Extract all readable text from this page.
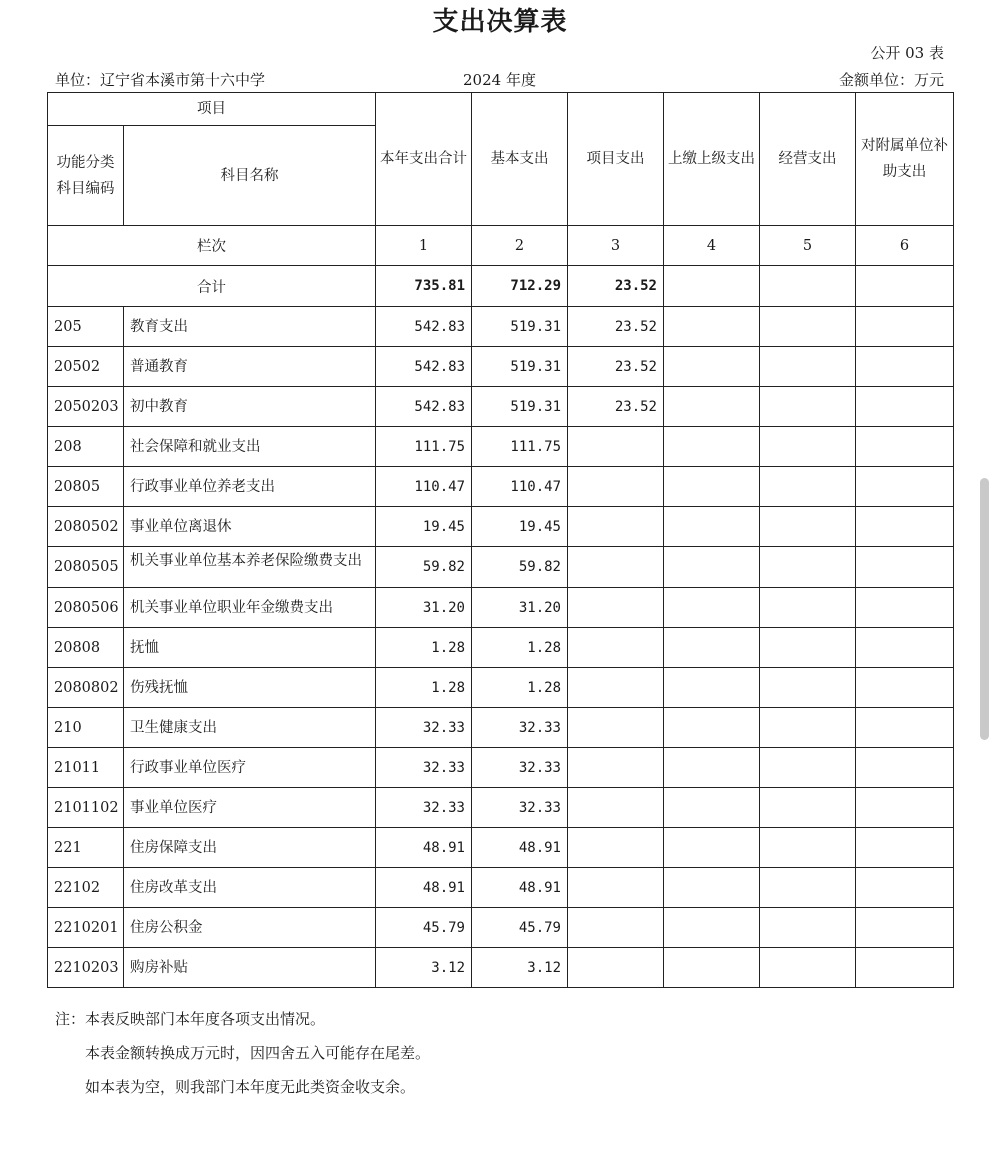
支出决算表
公开 03 表
单位：辽宁省本溪市第十六中学	2024 年度	金额单位：万元
项目		本年支出合计	基本支出	项目支出	上缴上级支出	经营支出	对附属单位补助支出
功能分类科目编码	科目名称						
栏次		1	2	3	4	5	6
合计		735.81	712.29	23.52			
205	教育支出	542.83	519.31	23.52			
20502	普通教育	542.83	519.31	23.52			
2050203	初中教育	542.83	519.31	23.52			
208	社会保障和就业支出	111.75	111.75				
20805	行政事业单位养老支出	110.47	110.47				
2080502	事业单位离退休	19.45	19.45				
2080505	机关事业单位基本养老保险缴费支出	59.82	59.82				
2080506	机关事业单位职业年金缴费支出	31.20	31.20				
20808	抚恤	1.28	1.28				
2080802	伤残抚恤	1.28	1.28				
210	卫生健康支出	32.33	32.33				
21011	行政事业单位医疗	32.33	32.33				
2101102	事业单位医疗	32.33	32.33				
221	住房保障支出	48.91	48.91				
22102	住房改革支出	48.91	48.91				
2210201	住房公积金	45.79	45.79				
2210203	购房补贴	3.12	3.12				
注：本表反映部门本年度各项支出情况。
本表金额转换成万元时，因四舍五入可能存在尾差。
如本表为空，则我部门本年度无此类资金收支余。
